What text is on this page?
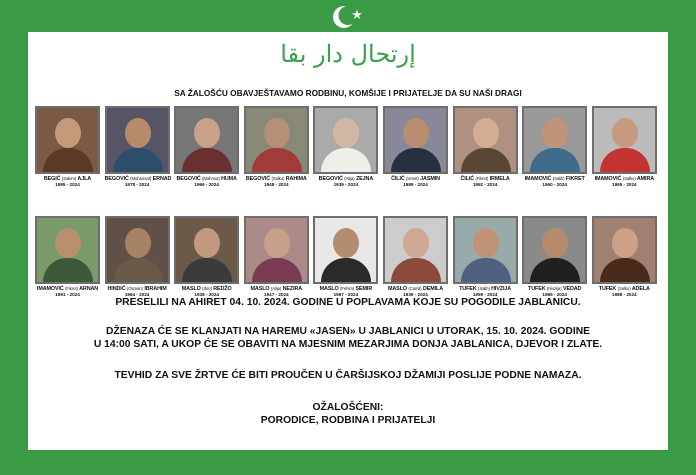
إرتحال دار بقا
SA ŽALOŠĆU OBAVJEŠTAVAMO RODBINU, KOMŠIJE I PRIJATELJE DA SU NAŠI DRAGI
BEGIĆ (Salem) AJLA
1995 - 2024
BEGOVIĆ (Muhamed) ERNAD
1978 - 2024
BEGOVIĆ (Mahmut) HUMA
1966 - 2024
BEGOVIĆ (Salko) RAHIMA
1948 - 2024
BEGOVIĆ (Alija) ZEJNA
1939 - 2024
ČILIĆ (Ismet) JASMIN
1986 - 2024
ČILIĆ (Fikret) IRMELA
1992 - 2024
IMAMOVIĆ (Salih) FIKRET
1960 - 2024
IMAMOVIĆ (Salko) AMIRA
1965 - 2024
IMAMOVIĆ (Fikret) ARNAN
1991 - 2024
HINDIĆ (Osman) IBRAHIM
1964 - 2024
MASLO (Ibro) REDŽO
1938 - 2024
MASLO (Alija) NEZIRA
1947 - 2024
MASLO (Fehim) SEMIR
1967 - 2024
MASLO (Camil) DEMILA
1939 - 2024
TUFEK (Salih) HIVZIJA
1959 - 2024
TUFEK (Hivzija) VEDAD
1985 - 2024
TUFEK (Salko) ADELA
1988 - 2024
PRESELILI NA AHIRET 04. 10. 2024. GODINE U POPLAVAMA KOJE SU POGODILE JABLANICU.
DŽENAZA ĆE SE KLANJATI NA HAREMU «JASEN» U JABLANICI U UTORAK, 15. 10. 2024. GODINE
U 14:00 SATI, A UKOP ĆE SE OBAVITI NA MJESNIM MEZARJIMA DONJA JABLANICA, DJEVOR I ZLATE.
TEVHID ZA SVE ŽRTVE ĆE BITI PROUČEN U ČARŠIJSKOJ DŽAMIJI POSLIJE PODNE NAMAZA.
OŽALOŠĆENI:
PORODICE, RODBINA I PRIJATELJI
